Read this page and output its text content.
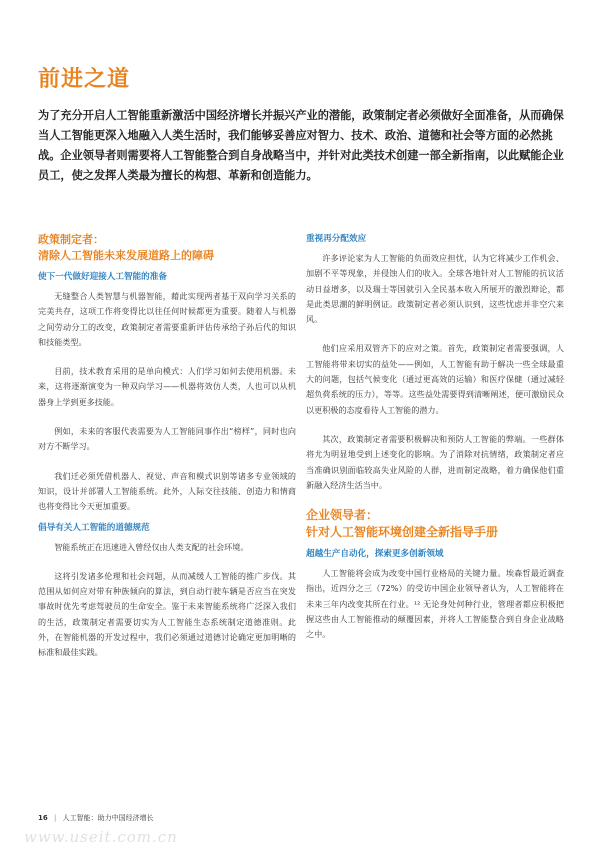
前进之道
为了充分开启人工智能重新激活中国经济增长并振兴产业的潜能，政策制定者必须做好全面准备，从而确保当人工智能更深入地融入人类生活时，我们能够妥善应对智力、技术、政治、道德和社会等方面的必然挑战。企业领导者则需要将人工智能整合到自身战略当中，并针对此类技术创建一部全新指南，以此赋能企业员工，使之发挥人类最为擅长的构想、革新和创造能力。
政策制定者：
清除人工智能未来发展道路上的障碍
使下一代做好迎接人工智能的准备
无缝整合人类智慧与机器智能，藉此实现两者基于双向学习关系的完美共存，这项工作将变得比以往任何时候都更为重要。随着人与机器之间劳动分工的改变，政策制定者需要重新评估传承给子孙后代的知识和技能类型。
目前，技术教育采用的是单向模式：人们学习如何去使用机器。未来，这将逐渐演变为一种双向学习——机器将效仿人类，人也可以从机器身上学到更多技能。
例如，未来的客服代表需要为人工智能同事作出“榜样”，同时也向对方不断学习。
我们迁必须凭借机器人、视觉、声音和模式识别等诸多专业领域的知识，设计并部署人工智能系统。此外，人际交往技能、创造力和情商也将变得比今天更加重要。
倡导有关人工智能的道德规范
智能系统正在迅速进入曾经仅由人类支配的社会环境。
这将引发诸多伦理和社会问题，从而减缓人工智能的推广步伐。其范围从如何应对带有种族倾向的算法，到自动行驶车辆是否应当在突发事故时优先考虑驾驶员的生命安全。鉴于未来智能系统将广泛深入我们的生活，政策制定者需要切实为人工智能生态系统制定道德准则。此外，在智能机器的开发过程中，我们必须通过道德讨论确定更加明晰的标准和最佳实践。
重视再分配效应
许多评论家为人工智能的负面效应担忧，认为它将减少工作机会、加剧不平等现象，并侵蚀人们的收入。全球各地针对人工智能的抗议活动日益增多，以及瑞士等国就引入全民基本收入所展开的激烈辩论，都是此类思潮的鲜明例证。政策制定者必须认识到，这些忧虑并非空穴来风。
他们应采用双管齐下的应对之策。首先，政策制定者需要强调，人工智能将带来切实的益处——例如，人工智能有助于解决一些全球最重大的问题，包括气候变化（通过更高效的运输）和医疗保健（通过减轻超负荷系统的压力），等等。这些益处需要得到清晰阐述，便可激励民众以更积极的态度看待人工智能的潜力。
其次，政策制定者需要积极解决和预防人工智能的弊端。一些群体将尤为明显地受到上述变化的影响。为了消除对抗情绪，政策制定者应当准确识别面临较高失业风险的人群，进而制定战略，着力确保他们重新融入经济生活当中。
企业领导者：
针对人工智能环境创建全新指导手册
超越生产自动化，探索更多创新领域
人工智能将会成为改变中国行业格局的关键力量。埃森哲最近调查指出，近四分之三（72%）的受访中国企业领导者认为，人工智能将在未来三年内改变其所在行业。¹² 无论身处何种行业，管理者都应积极把握这些由人工智能推动的颠覆因素，并将人工智能整合到自身企业战略之中。
16 | 人工智能：助力中国经济增长
www.useit.com.cn
